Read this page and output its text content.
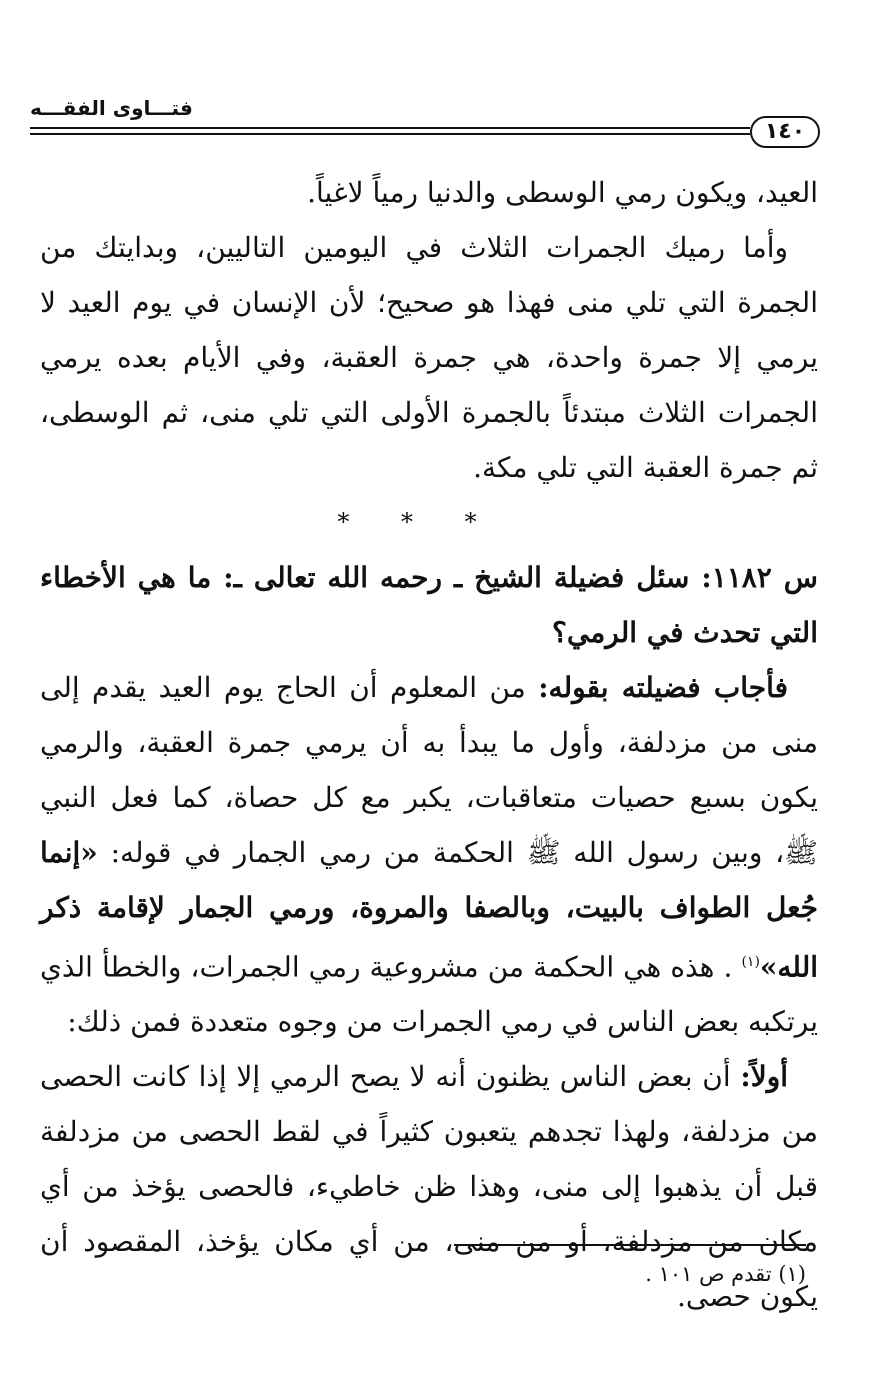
فتـــاوى الفقـــه
١٤٠

العيد، ويكون رمي الوسطى والدنيا رمياً لاغياً.

وأما رميك الجمرات الثلاث في اليومين التاليين، وبدايتك من الجمرة التي تلي منى فهذا هو صحيح؛ لأن الإنسان في يوم العيد لا يرمي إلا جمرة واحدة، هي جمرة العقبة، وفي الأيام بعده يرمي الجمرات الثلاث مبتدئاً بالجمرة الأولى التي تلي منى، ثم الوسطى، ثم جمرة العقبة التي تلي مكة.

* * *

س ١١٨٢: سئل فضيلة الشيخ ـ رحمه الله تعالى ـ: ما هي الأخطاء التي تحدث في الرمي؟

فأجاب فضيلته بقوله: من المعلوم أن الحاج يوم العيد يقدم إلى منى من مزدلفة، وأول ما يبدأ به أن يرمي جمرة العقبة، والرمي يكون بسبع حصيات متعاقبات، يكبر مع كل حصاة، كما فعل النبي ﷺ، وبين رسول الله ﷺ الحكمة من رمي الجمار في قوله: «إنما جُعل الطواف بالبيت، وبالصفا والمروة، ورمي الجمار لإقامة ذكر الله»$^{(١)}$ . هذه هي الحكمة من مشروعية رمي الجمرات، والخطأ الذي يرتكبه بعض الناس في رمي الجمرات من وجوه متعددة فمن ذلك:

أولاً: أن بعض الناس يظنون أنه لا يصح الرمي إلا إذا كانت الحصى من مزدلفة، ولهذا تجدهم يتعبون كثيراً في لقط الحصى من مزدلفة قبل أن يذهبوا إلى منى، وهذا ظن خاطيء، فالحصى يؤخذ من أي مكان من مزدلفة، أو من منى، من أي مكان يؤخذ، المقصود أن يكون حصى.

(١) تقدم ص ١٠١ .
